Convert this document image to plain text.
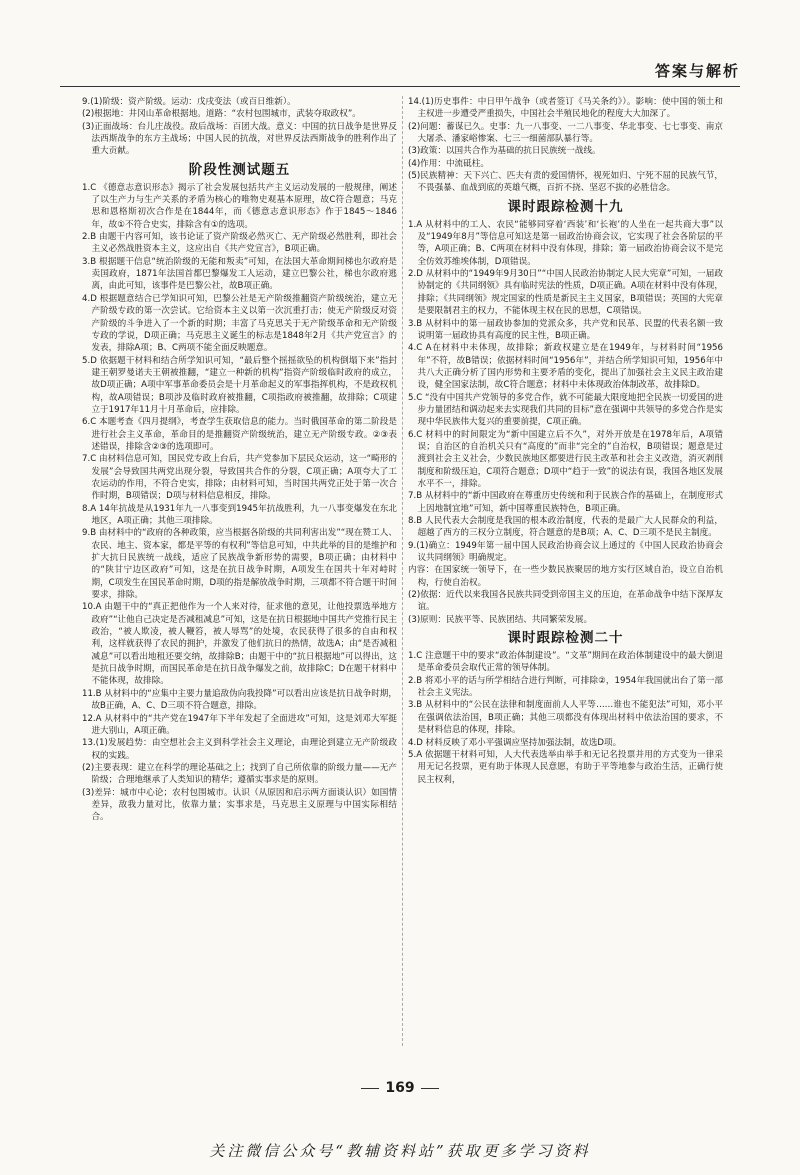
答案与解析

9.(1)阶级：资产阶级。运动：戊戌变法（或百日维新）。

(2)根据地：井冈山革命根据地。道路：“农村包围城市，武装夺取政权”。

(3)正面战场：台儿庄战役。敌后战场：百团大战。意义：中国的抗日战争是世界反法西斯战争的东方主战场；中国人民的抗战，对世界反法西斯战争的胜利作出了重大贡献。

阶段性测试题五

1.C 《德意志意识形态》揭示了社会发展包括共产主义运动发展的一般规律，阐述了以生产力与生产关系的矛盾为核心的唯物史观基本原理，故C符合题意；马克思和恩格斯初次合作是在1844年，而《德意志意识形态》作于1845～1846年，故①不符合史实，排除含有①的选项。

2.B 由题干内容可知，该书论证了资产阶级必然灭亡、无产阶级必然胜利，即社会主义必然战胜资本主义，这应出自《共产党宣言》，B项正确。

3.B 根据题干信息“统治阶级的无能和叛卖”可知，在法国大革命期间梯也尔政府是卖国政府，1871年法国首都巴黎爆发工人运动，建立巴黎公社，梯也尔政府逃离，由此可知，该事件是巴黎公社，故B项正确。

4.D 根据题意结合已学知识可知，巴黎公社是无产阶级推翻资产阶级统治，建立无产阶级专政的第一次尝试。它给资本主义以第一次沉重打击；使无产阶级反对资产阶级的斗争进入了一个新的时期；丰富了马克思关于无产阶级革命和无产阶级专政的学说，D项正确；马克思主义诞生的标志是1848年2月《共产党宣言》的发表，排除A项；B、C两项不能全面反映题意。

5.D 依据题干材料和结合所学知识可知，“最后整个摇摇欲坠的机构倒塌下来”指封建王朝罗曼诺夫王朝被推翻，“建立一种新的机构”指资产阶级临时政府的成立，故D项正确；A项中军事革命委员会是十月革命起义的军事指挥机构，不是政权机构，故A项错误；B项涉及临时政府被推翻，C项指政府被推翻，故排除；C项建立于1917年11月十月革命后，应排除。

6.C 本题考查《四月提纲》，考查学生获取信息的能力。当时俄国革命的第二阶段是进行社会主义革命，革命目的是推翻资产阶级统治，建立无产阶级专政。②③表述错误，排除含②③的选项即可。

7.C 由材料信息可知，国民党专政上台后，共产党参加下层民众运动，这一“畸形的发展”会导致国共两党出现分裂，导致国共合作的分裂，C项正确；A项夸大了工农运动的作用，不符合史实，排除；由材料可知，当时国共两党正处于第一次合作时期，B项错误；D项与材料信息相反，排除。

8.A 14年抗战是从1931年九一八事变到1945年抗战胜利，九一八事变爆发在东北地区，A项正确；其他三项排除。

9.B 由材料中的“政府的各种政策，应当根据各阶级的共同利害出发”“现在赞工人、农民、地主、资本家，都是平等的有权利”等信息可知，中共此举的目的是维护和扩大抗日民族统一战线，适应了民族战争新形势的需要，B项正确；由材料中的“陕甘宁边区政府”可知，这是在抗日战争时期，A项发生在国共十年对峙时期，C项发生在国民革命时期，D项的指是解放战争时期，三项都不符合题干时间要求，排除。

10.A 由题干中的“真正把他作为一个人来对待，征求他的意见，让他投票选举地方政府”“让他自己决定是否减租减息”可知，这是在抗日根据地中国共产党推行民主政治，“被人欺凌，被人鞭笞，被人辱骂”的处境，农民获得了很多的自由和权利，这样就获得了农民的拥护，并激发了他们抗日的热情，故选A；由“是否减租减息”可以看出地租还要交纳，故排除B；由题干中的“抗日根据地”可以得出，这是抗日战争时期，而国民革命是在抗日战争爆发之前，故排除C；D在题干材料中不能体现，故排除。

11.B 从材料中的“应集中主要力量追敌伪向我投降”可以看出应该是抗日战争时期，故B正确，A、C、D三项不符合题意，排除。

12.A 从材料中的“共产党在1947年下半年发起了全面进攻”可知，这是刘邓大军挺进大别山，A项正确。

13.(1)发展趋势：由空想社会主义到科学社会主义理论，由理论到建立无产阶级政权的实践。

(2)主要表现：建立在科学的理论基础之上；找到了自己所依靠的阶级力量——无产阶级；合理地继承了人类知识的精华；遵循实事求是的原则。

(3)差异：城市中心论；农村包围城市。认识（从原因和启示两方面谈认识）如国情差异，敌我力量对比，依靠力量；实事求是，马克思主义原理与中国实际相结合。

14.(1)历史事件：中日甲午战争（或者签订《马关条约》）。影响：使中国的领土和主权进一步遭受严重损失，中国社会半殖民地化的程度大大加深了。

(2)问题：蓄谋已久。史事：九一八事变、一二八事变、华北事变、七七事变、南京大屠杀、潘家峪惨案、七三一细菌部队暴行等。

(3)政策：以国共合作为基础的抗日民族统一战线。

(4)作用：中流砥柱。

(5)民族精神：天下兴亡、匹夫有责的爱国情怀，视死如归、宁死不屈的民族气节，不畏强暴、血战到底的英雄气概，百折不挠、坚忍不拔的必胜信念。

课时跟踪检测十九

1.A 从材料中的工人、农民“能够同穿着‘西装’和‘长袍’的人坐在一起共商大事”以及“1949年8月”等信息可知这是第一届政治协商会议，它实现了社会各阶层的平等，A项正确；B、C两项在材料中没有体现，排除；第一届政治协商会议不是完全仿效苏维埃体制，D项错误。

2.D 从材料中的“1949年9月30日”“中国人民政治协制定人民大宪章”可知，一届政协制定的《共同纲领》具有临时宪法的性质，D项正确。A项在材料中没有体现，排除；《共同纲领》规定国家的性质是新民主主义国家，B项错误；英国的大宪章是要限制君主的权力，不能体现主权在民的思想，C项错误。

3.B 从材料中的第一届政协参加的党派众多，共产党和民革、民盟的代表名额一致说明第一届政协具有高度的民主性，B项正确。

4.C A在材料中未体现，故排除；新政权建立是在1949年，与材料时间“1956年”不符，故B错误；依据材料时间“1956年”，并结合所学知识可知，1956年中共八大正确分析了国内形势和主要矛盾的变化，提出了加强社会主义民主政治建设，健全国家法制，故C符合题意；材料中未体现政治体制改革，故排除D。

5.C “没有中国共产党领导的多党合作，就不可能最大限度地把全民族一切爱国的进步力量团结和调动起来去实现我们共同的目标”意在强调中共领导的多党合作是实现中华民族伟大复兴的重要前提，C项正确。

6.C 材料中的时间限定为“新中国建立后不久”，对外开放是在1978年后，A项错误；自治区的自治机关只有“高度的”而非“完全的”自治权，B项错误；题意是过渡到社会主义社会，少数民族地区都要进行民主改革和社会主义改造，消灭剥削制度和阶级压迫，C项符合题意；D项中“趋于一致”的说法有误，我国各地区发展水平不一，排除。

7.B 从材料中的“新中国政府在尊重历史传统和利于民族合作的基础上，在制度形式上因地制宜地”可知，新中国尊重民族特色，B项正确。

8.B 人民代表大会制度是我国的根本政治制度，代表的是最广大人民群众的利益，超越了西方的三权分立制度，符合题意的是B项；A、C、D三项不是民主制度。

9.(1)确立：1949年第一届中国人民政治协商会议上通过的《中国人民政治协商会议共同纲领》明确规定。

内容：在国家统一领导下，在一些少数民族聚居的地方实行区域自治，设立自治机构，行使自治权。

(2)依据：近代以来我国各民族共同受到帝国主义的压迫，在革命战争中结下深厚友谊。

(3)原则：民族平等、民族团结、共同繁荣发展。

课时跟踪检测二十

1.C 注意题干中的要求“政治体制建设”。“文革”期间在政治体制建设中的最大倒退是革命委员会取代正常的领导体制。

2.B 将邓小平的话与所学相结合进行判断，可排除②，1954年我国就出台了第一部社会主义宪法。

3.B 从材料中的“公民在法律和制度面前人人平等……谁也不能犯法”可知，邓小平在强调依法治国，B项正确；其他三项都没有体现出材料中依法治国的要求，不是材料信息的体现，排除。

4.D 材料反映了邓小平强调应坚持加强法制，故选D项。

5.A 依据题干材料可知，人大代表选举由举手和无记名投票并用的方式变为一律采用无记名投票，更有助于体现人民意愿，有助于平等地参与政治生活，正确行使民主权利，

169
关注微信公众号“教辅资料站”获取更多学习资料
